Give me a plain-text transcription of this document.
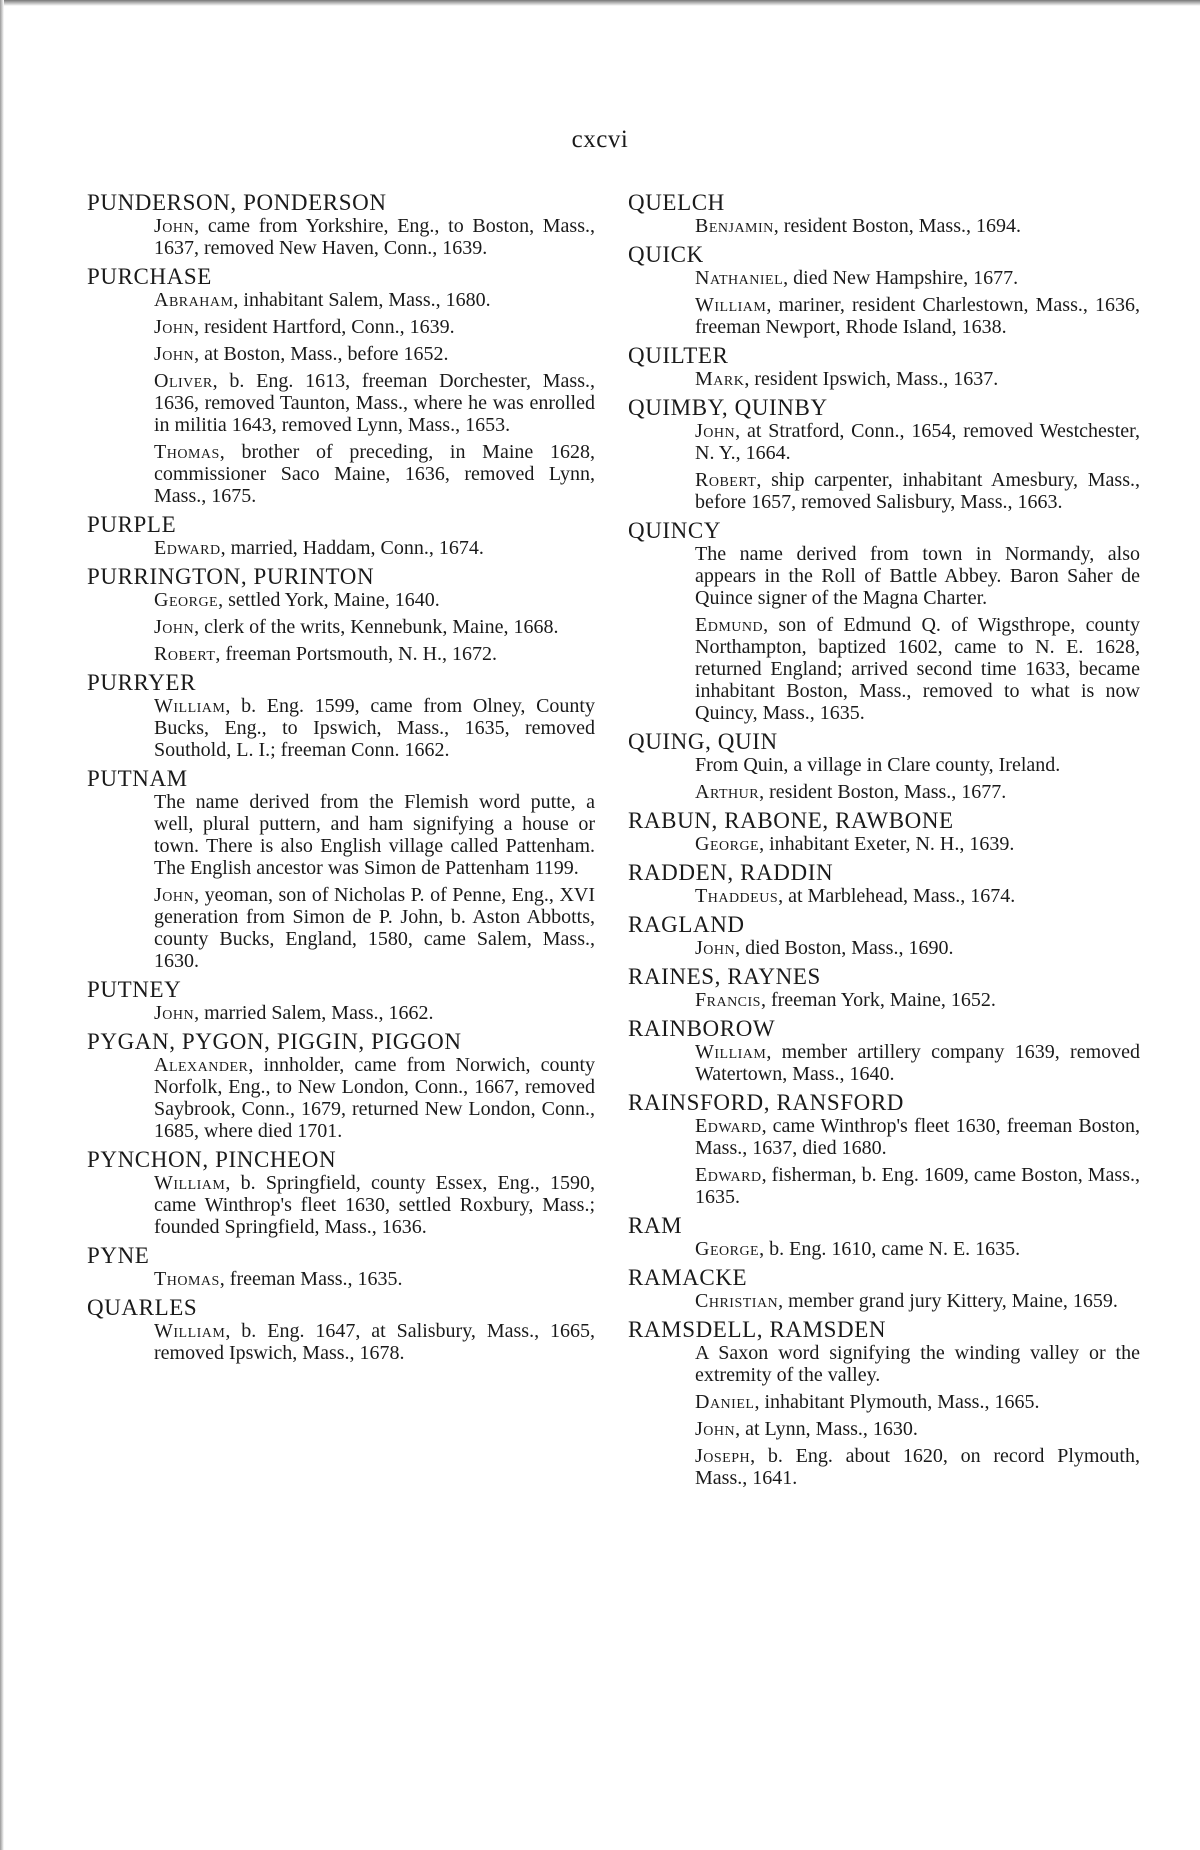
cxcvi
PUNDERSON, PONDERSON
John, came from Yorkshire, Eng., to Boston, Mass., 1637, removed New Haven, Conn., 1639.
PURCHASE
Abraham, inhabitant Salem, Mass., 1680.
John, resident Hartford, Conn., 1639.
John, at Boston, Mass., before 1652.
Oliver, b. Eng. 1613, freeman Dorchester, Mass., 1636, removed Taunton, Mass., where he was enrolled in militia 1643, removed Lynn, Mass., 1653.
Thomas, brother of preceding, in Maine 1628, commissioner Saco Maine, 1636, removed Lynn, Mass., 1675.
PURPLE
Edward, married, Haddam, Conn., 1674.
PURRINGTON, PURINTON
George, settled York, Maine, 1640.
John, clerk of the writs, Kennebunk, Maine, 1668.
Robert, freeman Portsmouth, N. H., 1672.
PURRYER
William, b. Eng. 1599, came from Olney, County Bucks, Eng., to Ipswich, Mass., 1635, removed Southold, L. I.; freeman Conn. 1662.
PUTNAM
The name derived from the Flemish word putte, a well, plural puttern, and ham signifying a house or town. There is also English village called Pattenham. The English ancestor was Simon de Pattenham 1199.
John, yeoman, son of Nicholas P. of Penne, Eng., XVI generation from Simon de P. John, b. Aston Abbotts, county Bucks, England, 1580, came Salem, Mass., 1630.
PUTNEY
John, married Salem, Mass., 1662.
PYGAN, PYGON, PIGGIN, PIGGON
Alexander, innholder, came from Norwich, county Norfolk, Eng., to New London, Conn., 1667, removed Saybrook, Conn., 1679, returned New London, Conn., 1685, where died 1701.
PYNCHON, PINCHEON
William, b. Springfield, county Essex, Eng., 1590, came Winthrop's fleet 1630, settled Roxbury, Mass.; founded Springfield, Mass., 1636.
PYNE
Thomas, freeman Mass., 1635.
QUARLES
William, b. Eng. 1647, at Salisbury, Mass., 1665, removed Ipswich, Mass., 1678.
QUELCH
Benjamin, resident Boston, Mass., 1694.
QUICK
Nathaniel, died New Hampshire, 1677.
William, mariner, resident Charlestown, Mass., 1636, freeman Newport, Rhode Island, 1638.
QUILTER
Mark, resident Ipswich, Mass., 1637.
QUIMBY, QUINBY
John, at Stratford, Conn., 1654, removed Westchester, N. Y., 1664.
Robert, ship carpenter, inhabitant Amesbury, Mass., before 1657, removed Salisbury, Mass., 1663.
QUINCY
The name derived from town in Normandy, also appears in the Roll of Battle Abbey. Baron Saher de Quince signer of the Magna Charter.
Edmund, son of Edmund Q. of Wigsthrope, county Northampton, baptized 1602, came to N. E. 1628, returned England; arrived second time 1633, became inhabitant Boston, Mass., removed to what is now Quincy, Mass., 1635.
QUING, QUIN
From Quin, a village in Clare county, Ireland.
Arthur, resident Boston, Mass., 1677.
RABUN, RABONE, RAWBONE
George, inhabitant Exeter, N. H., 1639.
RADDEN, RADDIN
Thaddeus, at Marblehead, Mass., 1674.
RAGLAND
John, died Boston, Mass., 1690.
RAINES, RAYNES
Francis, freeman York, Maine, 1652.
RAINBOROW
William, member artillery company 1639, removed Watertown, Mass., 1640.
RAINSFORD, RANSFORD
Edward, came Winthrop's fleet 1630, freeman Boston, Mass., 1637, died 1680.
Edward, fisherman, b. Eng. 1609, came Boston, Mass., 1635.
RAM
George, b. Eng. 1610, came N. E. 1635.
RAMACKE
Christian, member grand jury Kittery, Maine, 1659.
RAMSDELL, RAMSDEN
A Saxon word signifying the winding valley or the extremity of the valley.
Daniel, inhabitant Plymouth, Mass., 1665.
John, at Lynn, Mass., 1630.
Joseph, b. Eng. about 1620, on record Plymouth, Mass., 1641.
